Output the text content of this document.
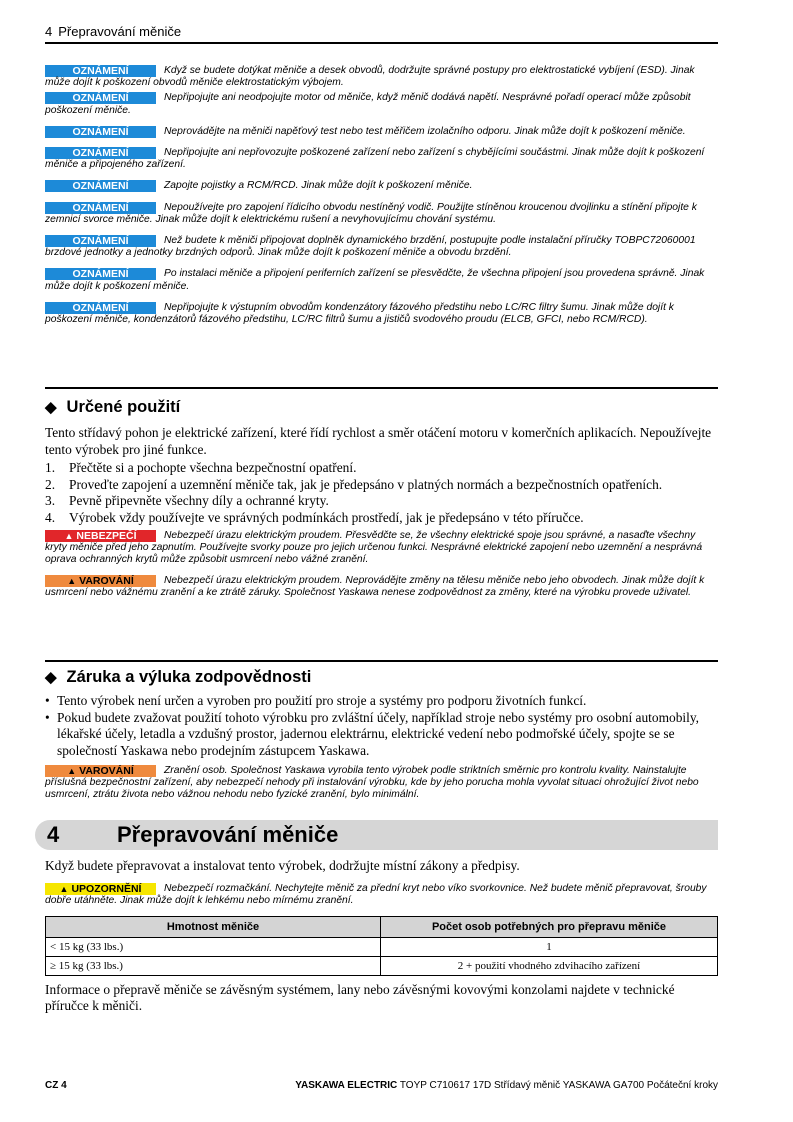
4 Přepravování měniče

OZNÁMENÍ	Když se budete dotýkat měniče a desek obvodů, dodržujte správné postupy pro elektrostatické vybíjení (ESD). Jinak může dojít k poškození obvodů měniče elektrostatickým výbojem.

OZNÁMENÍ	Nepřipojujte ani neodpojujte motor od měniče, když měnič dodává napětí. Nesprávné pořadí operací může způsobit poškození měniče.

OZNÁMENÍ	Neprovádějte na měniči napěťový test nebo test měřičem izolačního odporu. Jinak může dojít k poškození měniče.

OZNÁMENÍ	Nepřipojujte ani nepřovozujte poškozené zařízení nebo zařízení s chybějícími součástmi. Jinak může dojít k poškození měniče a připojeného zařízení.

OZNÁMENÍ	Zapojte pojistky a RCM/RCD. Jinak může dojít k poškození měniče.

OZNÁMENÍ	Nepoužívejte pro zapojení řídicího obvodu nestíněný vodič. Použijte stíněnou kroucenou dvojlinku a stínění připojte k zemnicí svorce měniče. Jinak může dojít k elektrickému rušení a nevyhovujícímu chování systému.

OZNÁMENÍ	Než budete k měniči připojovat doplněk dynamického brzdění, postupujte podle instalační příručky TOBPC72060001 brzdové jednotky a jednotky brzdných odporů. Jinak může dojít k poškození měniče a obvodu brzdění.

OZNÁMENÍ	Po instalaci měniče a připojení periferních zařízení se přesvědčte, že všechna připojení jsou provedena správně. Jinak může dojít k poškození měniče.

OZNÁMENÍ	Nepřipojujte k výstupním obvodům kondenzátory fázového předstihu nebo LC/RC filtry šumu. Jinak může dojít k poškození měniče, kondenzátorů fázového předstihu, LC/RC filtrů šumu a jističů svodového proudu (ELCB, GFCI, nebo RCM/RCD).

◆ Určené použití

Tento střídavý pohon je elektrické zařízení, které řídí rychlost a směr otáčení motoru v komerčních aplikacích. Nepoužívejte tento výrobek pro jiné funkce.

1. Přečtěte si a pochopte všechna bezpečnostní opatření.
2. Proveďte zapojení a uzemnění měniče tak, jak je předepsáno v platných normách a bezpečnostních opatřeních.
3. Pevně připevněte všechny díly a ochranné kryty.
4. Výrobek vždy používejte ve správných podmínkách prostředí, jak je předepsáno v této příručce.

▲ NEBEZPEČÍ	Nebezpečí úrazu elektrickým proudem. Přesvědčte se, že všechny elektrické spoje jsou správné, a nasaďte všechny kryty měniče před jeho zapnutím. Používejte svorky pouze pro jejich určenou funkci. Nesprávné elektrické zapojení nebo uzemnění a nesprávná oprava ochranných krytů může způsobit usmrcení nebo vážné zranění.

▲ VAROVÁNÍ	Nebezpečí úrazu elektrickým proudem. Neprovádějte změny na tělesu měniče nebo jeho obvodech. Jinak může dojít k usmrcení nebo vážnému zranění a ke ztrátě záruky. Společnost Yaskawa nenese zodpovědnost za změny, které na výrobku provede uživatel.

◆ Záruka a výluka zodpovědnosti
• Tento výrobek není určen a vyroben pro použití pro stroje a systémy pro podporu životních funkcí.
• Pokud budete zvažovat použití tohoto výrobku pro zvláštní účely, například stroje nebo systémy pro osobní automobily, lékařské účely, letadla a vzdušný prostor, jadernou elektrárnu, elektrické vedení nebo podmořské účely, spojte se se společností Yaskawa nebo prodejním zástupcem Yaskawa.

▲ VAROVÁNÍ	Zranění osob. Společnost Yaskawa vyrobila tento výrobek podle striktních směrnic pro kontrolu kvality. Nainstalujte příslušná bezpečnostní zařízení, aby nebezpečí nehody při instalování výrobku, kde by jeho porucha mohla vyvolat situaci ohrožující život nebo usmrcení, ztrátu života nebo vážnou nehodu nebo fyzické zranění, bylo minimální.

4	Přepravování měniče

Když budete přepravovat a instalovat tento výrobek, dodržujte místní zákony a předpisy.

▲ UPOZORNĚNÍ Nebezpečí rozmačkání. Nechytejte měnič za přední kryt nebo víko svorkovnice. Než budete měnič přepravovat, šrouby dobře utáhněte. Jinak může dojít k lehkému nebo mírnému zranění.

Hmotnost měniče	Počet osob potřebných pro přepravu měniče
< 15 kg (33 lbs.)	1
≥ 15 kg (33 lbs.)	2 + použití vhodného zdvihacího zařízení

Informace o přepravě měniče se závěsným systémem, lany nebo závěsnými kovovými konzolami najdete v technické příručce k měniči.

CZ 4	YASKAWA ELECTRIC TOYP C710617 17D Střídavý měnič YASKAWA GA700 Počáteční kroky
